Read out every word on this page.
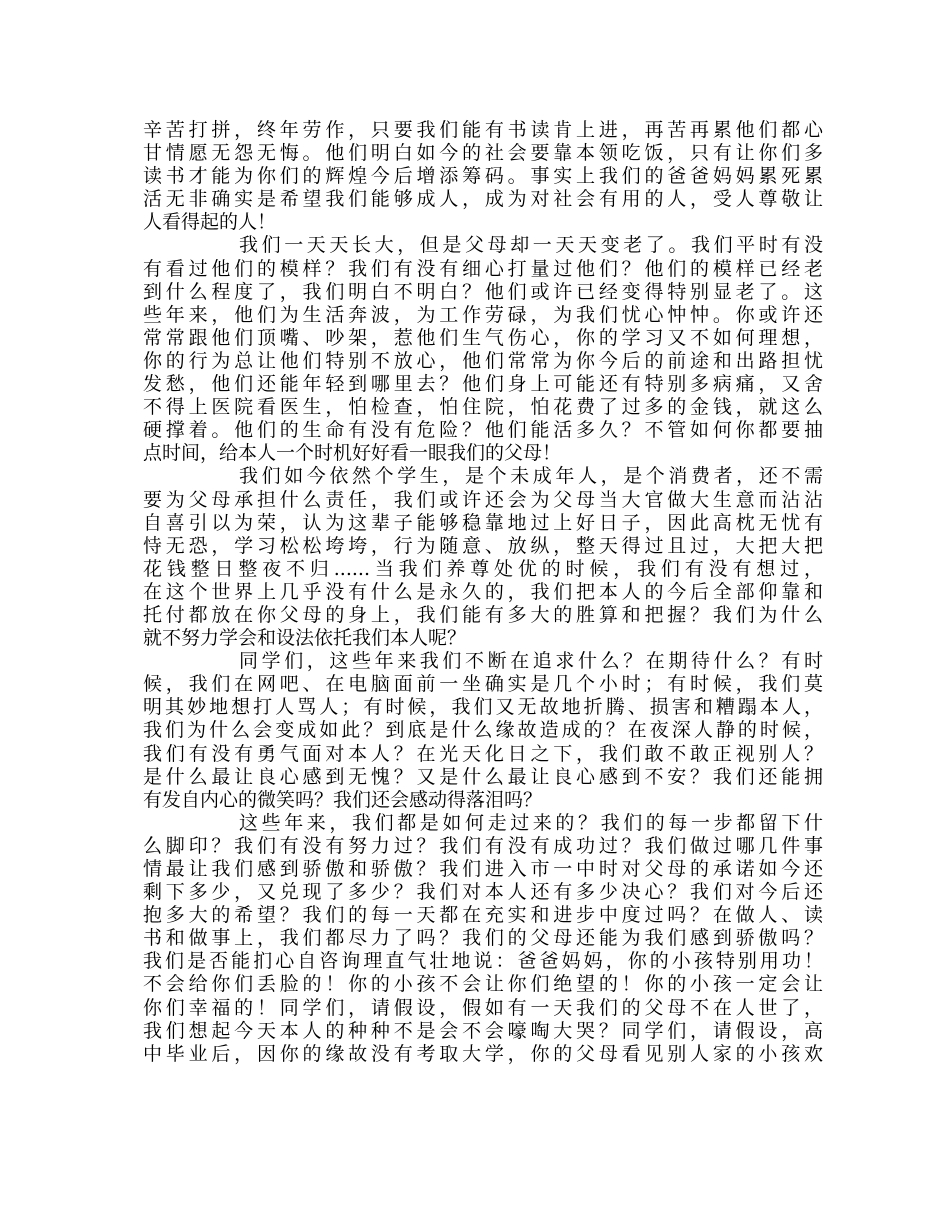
辛苦打拼，终年劳作，只要我们能有书读肯上进，再苦再累他们都心
甘情愿无怨无悔。他们明白如今的社会要靠本领吃饭，只有让你们多
读书才能为你们的辉煌今后增添筹码。事实上我们的爸爸妈妈累死累
活无非确实是希望我们能够成人，成为对社会有用的人，受人尊敬让
人看得起的人！
我们一天天长大，但是父母却一天天变老了。我们平时有没
有看过他们的模样？我们有没有细心打量过他们？他们的模样已经老
到什么程度了，我们明白不明白？他们或许已经变得特别显老了。这
些年来，他们为生活奔波，为工作劳碌，为我们忧心忡忡。你或许还
常常跟他们顶嘴、吵架，惹他们生气伤心，你的学习又不如何理想，
你的行为总让他们特别不放心，他们常常为你今后的前途和出路担忧
发愁，他们还能年轻到哪里去？他们身上可能还有特别多病痛，又舍
不得上医院看医生，怕检查，怕住院，怕花费了过多的金钱，就这么
硬撑着。他们的生命有没有危险？他们能活多久？不管如何你都要抽
点时间，给本人一个时机好好看一眼我们的父母！
我们如今依然个学生，是个未成年人，是个消费者，还不需
要为父母承担什么责任，我们或许还会为父母当大官做大生意而沾沾
自喜引以为荣，认为这辈子能够稳靠地过上好日子，因此高枕无忧有
恃无恐，学习松松垮垮，行为随意、放纵，整天得过且过，大把大把
花钱整日整夜不归......当我们养尊处优的时候，我们有没有想过，
在这个世界上几乎没有什么是永久的，我们把本人的今后全部仰靠和
托付都放在你父母的身上，我们能有多大的胜算和把握？我们为什么
就不努力学会和设法依托我们本人呢？
同学们，这些年来我们不断在追求什么？在期待什么？有时
候，我们在网吧、在电脑面前一坐确实是几个小时；有时候，我们莫
明其妙地想打人骂人；有时候，我们又无故地折腾、损害和糟蹋本人，
我们为什么会变成如此？到底是什么缘故造成的？在夜深人静的时候，
我们有没有勇气面对本人？在光天化日之下，我们敢不敢正视别人？
是什么最让良心感到无愧？又是什么最让良心感到不安？我们还能拥
有发自内心的微笑吗？我们还会感动得落泪吗？
这些年来，我们都是如何走过来的？我们的每一步都留下什
么脚印？我们有没有努力过？我们有没有成功过？我们做过哪几件事
情最让我们感到骄傲和骄傲？我们进入市一中时对父母的承诺如今还
剩下多少，又兑现了多少？我们对本人还有多少决心？我们对今后还
抱多大的希望？我们的每一天都在充实和进步中度过吗？在做人、读
书和做事上，我们都尽力了吗？我们的父母还能为我们感到骄傲吗？
我们是否能扪心自咨询理直气壮地说：爸爸妈妈，你的小孩特别用功！
不会给你们丢脸的！你的小孩不会让你们绝望的！你的小孩一定会让
你们幸福的！同学们，请假设，假如有一天我们的父母不在人世了，
我们想起今天本人的种种不是会不会嚎啕大哭？同学们，请假设，高
中毕业后，因你的缘故没有考取大学，你的父母看见别人家的小孩欢
